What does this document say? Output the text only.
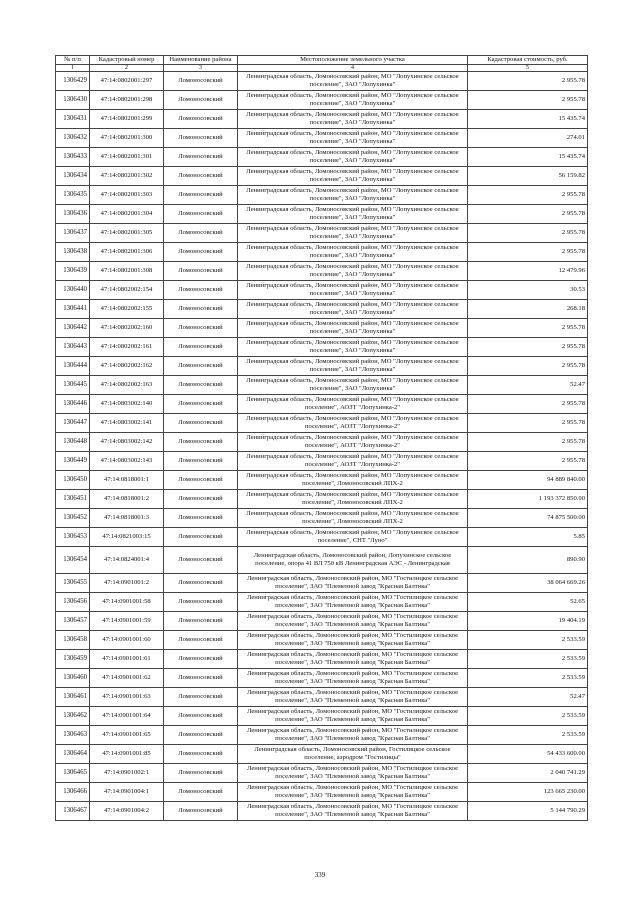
№ п/п	Кадастровый номер	Наименование района	Местоположение земельного участка	Кадастровая стоимость, руб.
1	2	3	4	5
1306429	47:14:0802001:297	Ломоносовский	Ленинградская область, Ломоносовский район, МО "Лопухинское сельское поселение", ЗАО "Лопухинка"	2 955.78
1306430	47:14:0802001:298	Ломоносовский	Ленинградская область, Ломоносовский район, МО "Лопухинское сельское поселение", ЗАО "Лопухинка"	2 955.78
1306431	47:14:0802001:299	Ломоносовский	Ленинградская область, Ломоносовский район, МО "Лопухинское сельское поселение", ЗАО "Лопухинка"	15 435.74
1306432	47:14:0802001:300	Ломоносовский	Ленинградская область, Ломоносовский район, МО "Лопухинское сельское поселение", ЗАО "Лопухинка"	274.01
1306433	47:14:0802001:301	Ломоносовский	Ленинградская область, Ломоносовский район, МО "Лопухинское сельское поселение", ЗАО "Лопухинка"	15 435.74
1306434	47:14:0802001:302	Ломоносовский	Ленинградская область, Ломоносовский район, МО "Лопухинское сельское поселение", ЗАО "Лопухинка"	56 159.82
1306435	47:14:0802001:303	Ломоносовский	Ленинградская область, Ломоносовский район, МО "Лопухинское сельское поселение", ЗАО "Лопухинка"	2 955.78
1306436	47:14:0802001:304	Ломоносовский	Ленинградская область, Ломоносовский район, МО "Лопухинское сельское поселение", ЗАО "Лопухинка"	2 955.78
1306437	47:14:0802001:305	Ломоносовский	Ленинградская область, Ломоносовский район, МО "Лопухинское сельское поселение", ЗАО "Лопухинка"	2 955.78
1306438	47:14:0802001:306	Ломоносовский	Ленинградская область, Ломоносовский район, МО "Лопухинское сельское поселение", ЗАО "Лопухинка"	2 955.78
1306439	47:14:0802001:308	Ломоносовский	Ленинградская область, Ломоносовский район, МО "Лопухинское сельское поселение", ЗАО "Лопухинка"	12 479.96
1306440	47:14:0802002:154	Ломоносовский	Ленинградская область, Ломоносовский район, МО "Лопухинское сельское поселение", ЗАО "Лопухинка"	30.53
1306441	47:14:0802002:155	Ломоносовский	Ленинградская область, Ломоносовский район, МО "Лопухинское сельское поселение", ЗАО "Лопухинка"	268.18
1306442	47:14:0802002:160	Ломоносовский	Ленинградская область, Ломоносовский район, МО "Лопухинское сельское поселение", ЗАО "Лопухинка"	2 955.78
1306443	47:14:0802002:161	Ломоносовский	Ленинградская область, Ломоносовский район, МО "Лопухинское сельское поселение", ЗАО "Лопухинка"	2 955.78
1306444	47:14:0802002:162	Ломоносовский	Ленинградская область, Ломоносовский район, МО "Лопухинское сельское поселение", ЗАО "Лопухинка"	2 955.78
1306445	47:14:0802002:163	Ломоносовский	Ленинградская область, Ломоносовский район, МО "Лопухинское сельское поселение", ЗАО "Лопухинка"	52.47
1306446	47:14:0803002:140	Ломоносовский	Ленинградская область, Ломоносовский район, МО "Лопухинское сельское поселение", АОЗТ "Лопухинка-2"	2 955.78
1306447	47:14:0803002:141	Ломоносовский	Ленинградская область, Ломоносовский район, МО "Лопухинское сельское поселение", АОЗТ "Лопухинка-2"	2 955.78
1306448	47:14:0803002:142	Ломоносовский	Ленинградская область, Ломоносовский район, МО "Лопухинское сельское поселение", АОЗТ "Лопухинка-2"	2 955.78
1306449	47:14:0803002:143	Ломоносовский	Ленинградская область, Ломоносовский район, МО "Лопухинское сельское поселение", АОЗТ "Лопухинка-2"	2 955.78
1306450	47:14:0818001:1	Ломоносовский	Ленинградская область, Ломоносовский район, МО "Лопухинское сельское поселение", Ломоносовский ЛПХ-2	94 889 840.00
1306451	47:14:0818001:2	Ломоносовский	Ленинградская область, Ломоносовский район, МО "Лопухинское сельское поселение", Ломоносовский ЛПХ-2	1 193 372 850.00
1306452	47:14:0818001:3	Ломоносовский	Ленинградская область, Ломоносовский район, МО "Лопухинское сельское поселение", Ломоносовский ЛПХ-2	74 875 500.00
1306453	47:14:0821003:15	Ломоносовский	Ленинградская область, Ломоносовский район, МО "Лопухинское сельское поселение", СНТ "Луно"	5.85
1306454	47:14:0824001:4	Ломоносовский	Ленинградская область, Ломоносовский район, Лопухинское сельское поселение, опора 41 ВЛ 750 кВ Ленинградская АЭС - Ленинградская	890.90
1306455	47:14:0901001:2	Ломоносовский	Ленинградская область, Ломоносовский район, МО "Гостилицкое сельское поселение", ЗАО "Племенной завод "Красная Балтика"	38 064 669.26
1306456	47:14:0901001:58	Ломоносовский	Ленинградская область, Ломоносовский район, МО "Гостилицкое сельское поселение", ЗАО "Племенной завод "Красная Балтика"	52.65
1306457	47:14:0901001:59	Ломоносовский	Ленинградская область, Ломоносовский район, МО "Гостилицкое сельское поселение", ЗАО "Племенной завод "Красная Балтика"	19 404.19
1306458	47:14:0901001:60	Ломоносовский	Ленинградская область, Ломоносовский район, МО "Гостилицкое сельское поселение", ЗАО "Племенной завод "Красная Балтика"	2 533.59
1306459	47:14:0901001:61	Ломоносовский	Ленинградская область, Ломоносовский район, МО "Гостилицкое сельское поселение", ЗАО "Племенной завод "Красная Балтика"	2 533.59
1306460	47:14:0901001:62	Ломоносовский	Ленинградская область, Ломоносовский район, МО "Гостилицкое сельское поселение", ЗАО "Племенной завод "Красная Балтика"	2 533.59
1306461	47:14:0901001:63	Ломоносовский	Ленинградская область, Ломоносовский район, МО "Гостилицкое сельское поселение", ЗАО "Племенной завод "Красная Балтика"	52.47
1306462	47:14:0901001:64	Ломоносовский	Ленинградская область, Ломоносовский район, МО "Гостилицкое сельское поселение", ЗАО "Племенной завод "Красная Балтика"	2 533.59
1306463	47:14:0901001:65	Ломоносовский	Ленинградская область, Ломоносовский район, МО "Гостилицкое сельское поселение", ЗАО "Племенной завод "Красная Балтика"	2 533.59
1306464	47:14:0901001:85	Ломоносовский	Ленинградская область, Ломоносовский район, Гостилицкое сельское поселение, аэродром "Гостилицы"	54 433 600.00
1306465	47:14:0901002:1	Ломоносовский	Ленинградская область, Ломоносовский район, МО "Гостилицкое сельское поселение", ЗАО "Племенной завод "Красная Балтика"	2 040 741.29
1306466	47:14:0901004:1	Ломоносовский	Ленинградская область, Ломоносовский район, МО "Гостилицкое сельское поселение", ЗАО "Племенной завод "Красная Балтика"	123 665 230.00
1306467	47:14:0901004:2	Ломоносовский	Ленинградская область, Ломоносовский район, МО "Гостилицкое сельское поселение", ЗАО "Племенной завод "Красная Балтика"	5 144 790.29
339
